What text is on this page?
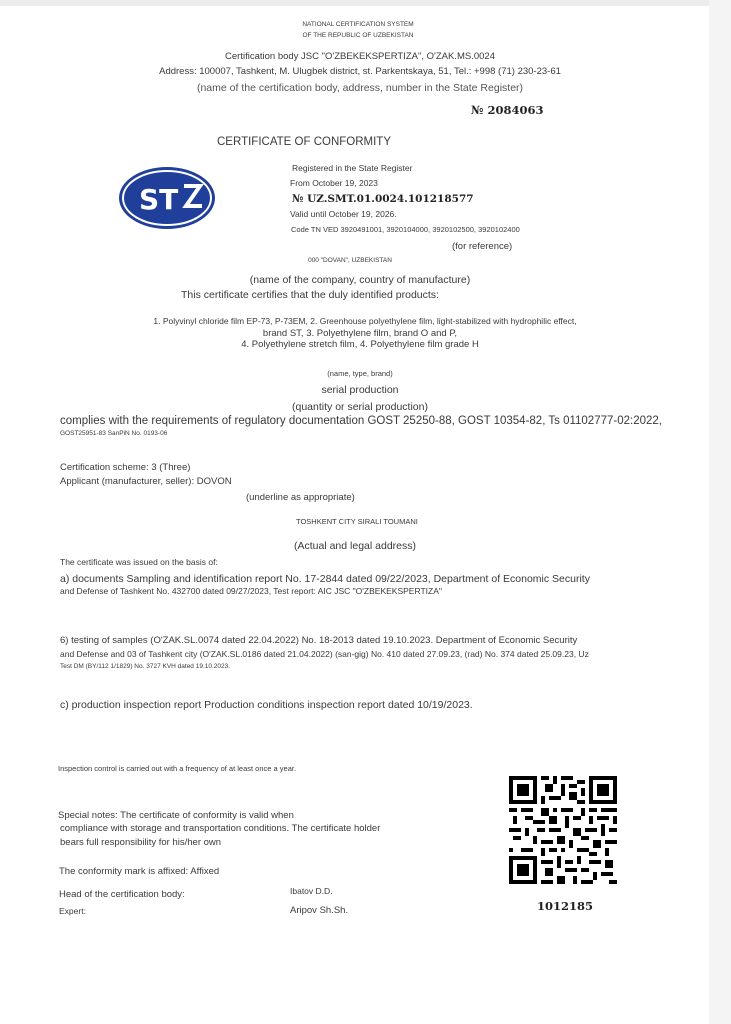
NATIONAL CERTIFICATION SYSTEM
OF THE REPUBLIC OF UZBEKISTAN
Certification body JSC "O'ZBEKEKSPERTIZA", O'ZAK.MS.0024
Address: 100007, Tashkent, M. Ulugbek district, st. Parkentskaya, 51, Tel.: +998 (71) 230-23-61
(name of the certification body, address, number in the State Register)
№ 2084063
CERTIFICATE OF CONFORMITY
ST
Registered in the State Register
From October 19, 2023
№ UZ.SMT.01.0024.101218577
Valid until October 19, 2026.
Code TN VED 3920491001, 3920104000, 3920102500, 3920102400
(for reference)
000 "DOVAN", UZBEKISTAN
(name of the company, country of manufacture)
This certificate certifies that the duly identified products:
1. Polyvinyl chloride film EP-73, P-73EM, 2. Greenhouse polyethylene film, light-stabilized with hydrophilic effect,
brand ST, 3. Polyethylene film, brand O and P,
4. Polyethylene stretch film, 4. Polyethylene film grade H
(name, type, brand)
serial production
(quantity or serial production)
complies with the requirements of regulatory documentation GOST 25250-88, GOST 10354-82, Ts 01102777-02:2022,
GOST25951-83 SanPiN No. 0193-06
Certification scheme: 3 (Three)
Applicant (manufacturer, seller): DOVON
(underline as appropriate)
TOSHKENT CITY SIRALI TOUMANI
(Actual and legal address)
The certificate was issued on the basis of:
a) documents Sampling and identification report No. 17-2844 dated 09/22/2023, Department of Economic Security
and Defense of Tashkent No. 432700 dated 09/27/2023, Test report: AIC JSC "O'ZBEKEKSPERTIZA"
6) testing of samples (O'ZAK.SL.0074 dated 22.04.2022) No. 18-2013 dated 19.10.2023. Department of Economic Security
and Defense and 03 of Tashkent city (O'ZAK.SL.0186 dated 21.04.2022) (san-gig) No. 410 dated 27.09.23, (rad) No. 374 dated 25.09.23, Uz
Test DM (BY/112 1/1829) No. 3727 KVH dated 19.10.2023.
c) production inspection report Production conditions inspection report dated 10/19/2023.
Inspection control is carried out with a frequency of at least once a year.
Special notes: The certificate of conformity is valid when
compliance with storage and transportation conditions. The certificate holder
bears full responsibility for his/her own
The conformity mark is affixed: Affixed
Head of the certification body:	Ibatov D.D.
Expert:	Aripov Sh.Sh.	1012185
